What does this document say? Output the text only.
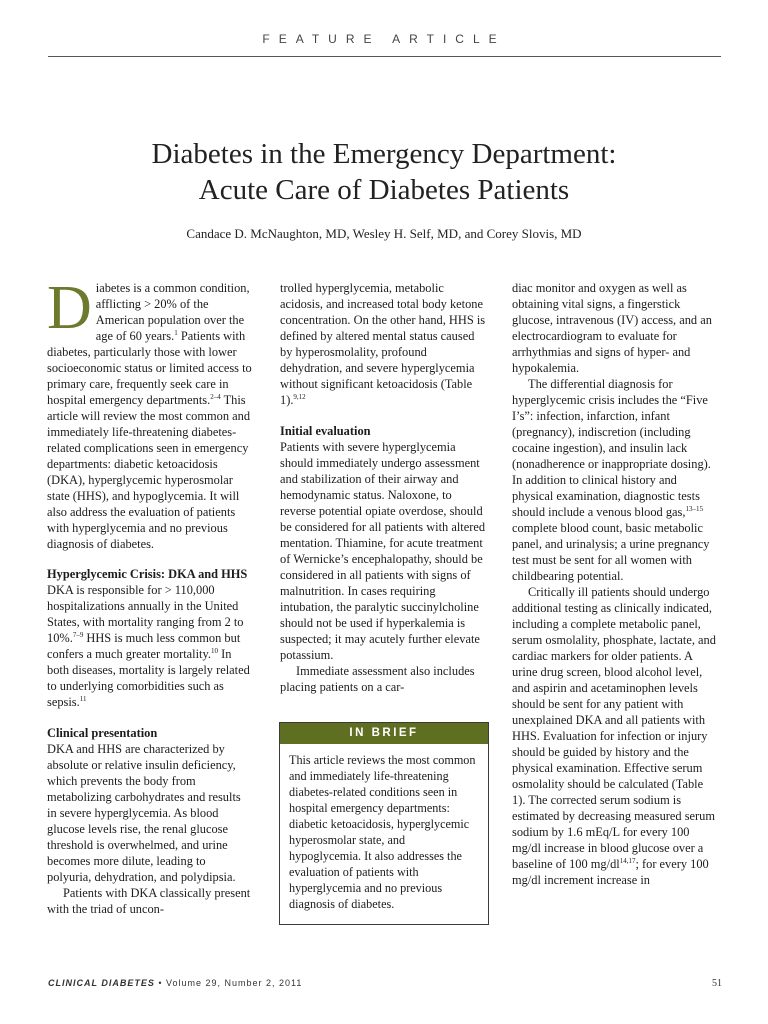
FEATURE ARTICLE
Diabetes in the Emergency Department:
Acute Care of Diabetes Patients
Candace D. McNaughton, MD, Wesley H. Self, MD, and Corey Slovis, MD

Diabetes is a common condition, afflicting > 20% of the American population over the age of 60 years.$^1$ Patients with diabetes, particularly those with lower socioeconomic status or limited access to primary care, frequently seek care in hospital emergency departments.$^{2-4}$ This article will review the most common and immediately life-threatening diabetes-related complications seen in emergency departments: diabetic ketoacidosis (DKA), hyperglycemic hyperosmolar state (HHS), and hypoglycemia. It will also address the evaluation of patients with hyperglycemia and no previous diagnosis of diabetes.

Hyperglycemic Crisis: DKA and HHS

DKA is responsible for > 110,000 hospitalizations annually in the United States, with mortality ranging from 2 to 10%.$^{7-9}$ HHS is much less common but confers a much greater mortality.$^{10}$ In both diseases, mortality is largely related to underlying comorbidities such as sepsis.$^{11}$

Clinical presentation

DKA and HHS are characterized by absolute or relative insulin deficiency, which prevents the body from metabolizing carbohydrates and results in severe hyperglycemia. As blood glucose levels rise, the renal glucose threshold is overwhelmed, and urine becomes more dilute, leading to polyuria, dehydration, and polydipsia.

Patients with DKA classically present with the triad of uncon-

trolled hyperglycemia, metabolic acidosis, and increased total body ketone concentration. On the other hand, HHS is defined by altered mental status caused by hyperosmolality, profound dehydration, and severe hyperglycemia without significant ketoacidosis (Table 1).$^{9,12}$

Initial evaluation

Patients with severe hyperglycemia should immediately undergo assessment and stabilization of their airway and hemodynamic status. Naloxone, to reverse potential opiate overdose, should be considered for all patients with altered mentation. Thiamine, for acute treatment of Wernicke’s encephalopathy, should be considered in all patients with signs of malnutrition. In cases requiring intubation, the paralytic succinylcholine should not be used if hyperkalemia is suspected; it may acutely further elevate potassium.

Immediate assessment also includes placing patients on a car-

IN BRIEF
This article reviews the most common and immediately life-threatening diabetes-related conditions seen in hospital emergency departments: diabetic ketoacidosis, hyperglycemic hyperosmolar state, and hypoglycemia. It also addresses the evaluation of patients with hyperglycemia and no previous diagnosis of diabetes.

diac monitor and oxygen as well as obtaining vital signs, a fingerstick glucose, intravenous (IV) access, and an electrocardiogram to evaluate for arrhythmias and signs of hyper- and hypokalemia.

The differential diagnosis for hyperglycemic crisis includes the “Five I’s”: infection, infarction, infant (pregnancy), indiscretion (including cocaine ingestion), and insulin lack (nonadherence or inappropriate dosing). In addition to clinical history and physical examination, diagnostic tests should include a venous blood gas,$^{13-15}$ complete blood count, basic metabolic panel, and urinalysis; a urine pregnancy test must be sent for all women with childbearing potential.

Critically ill patients should undergo additional testing as clinically indicated, including a complete metabolic panel, serum osmolality, phosphate, lactate, and cardiac markers for older patients. A urine drug screen, blood alcohol level, and aspirin and acetaminophen levels should be sent for any patient with unexplained DKA and all patients with HHS. Evaluation for infection or injury should be guided by history and the physical examination. Effective serum osmolality should be calculated (Table 1). The corrected serum sodium is estimated by decreasing measured serum sodium by 1.6 mEq/L for every 100 mg/dl increase in blood glucose over a baseline of 100 mg/dl$^{14,17}$; for every 100 mg/dl increment increase in

CLINICAL DIABETES • Volume 29, Number 2, 2011	51
